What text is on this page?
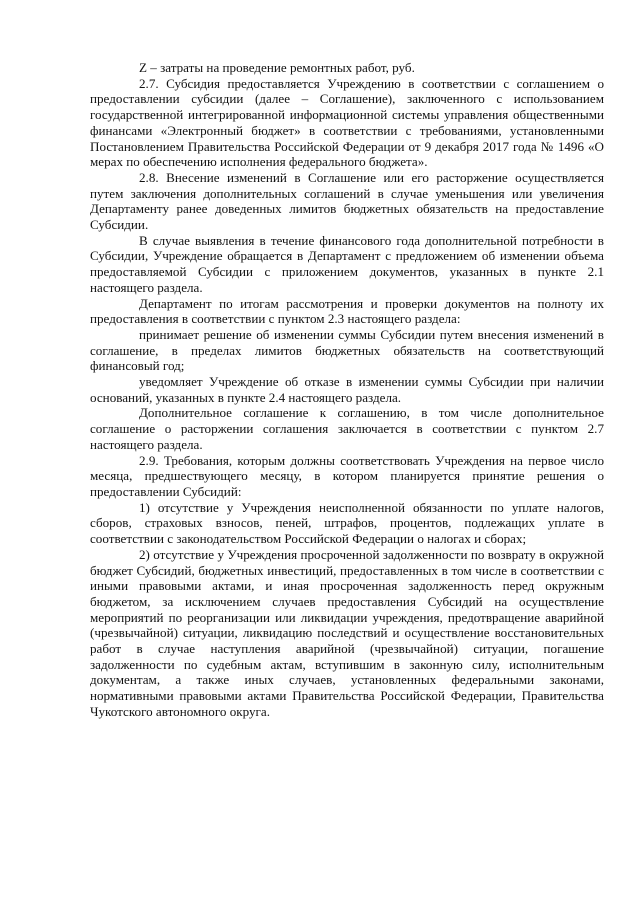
Z – затраты на проведение ремонтных работ, руб.

2.7. Субсидия предоставляется Учреждению в соответствии с соглашением о предоставлении субсидии (далее – Соглашение), заключенного с использованием государственной интегрированной информационной системы управления общественными финансами «Электронный бюджет» в соответствии с требованиями, установленными Постановлением Правительства Российской Федерации от 9 декабря 2017 года № 1496 «О мерах по обеспечению исполнения федерального бюджета».

2.8. Внесение изменений в Соглашение или его расторжение осуществляется путем заключения дополнительных соглашений в случае уменьшения или увеличения Департаменту ранее доведенных лимитов бюджетных обязательств на предоставление Субсидии.

В случае выявления в течение финансового года дополнительной потребности в Субсидии, Учреждение обращается в Департамент с предложением об изменении объема предоставляемой Субсидии с приложением документов, указанных в пункте 2.1 настоящего раздела.

Департамент по итогам рассмотрения и проверки документов на полноту их предоставления в соответствии с пунктом 2.3 настоящего раздела:

принимает решение об изменении суммы Субсидии путем внесения изменений в соглашение, в пределах лимитов бюджетных обязательств на соответствующий финансовый год;

уведомляет Учреждение об отказе в изменении суммы Субсидии при наличии оснований, указанных в пункте 2.4 настоящего раздела.

Дополнительное соглашение к соглашению, в том числе дополнительное соглашение о расторжении соглашения заключается в соответствии с пунктом 2.7 настоящего раздела.

2.9. Требования, которым должны соответствовать Учреждения на первое число месяца, предшествующего месяцу, в котором планируется принятие решения о предоставлении Субсидий:

1) отсутствие у Учреждения неисполненной обязанности по уплате налогов, сборов, страховых взносов, пеней, штрафов, процентов, подлежащих уплате в соответствии с законодательством Российской Федерации о налогах и сборах;

2) отсутствие у Учреждения просроченной задолженности по возврату в окружной бюджет Субсидий, бюджетных инвестиций, предоставленных в том числе в соответствии с иными правовыми актами, и иная просроченная задолженность перед окружным бюджетом, за исключением случаев предоставления Субсидий на осуществление мероприятий по реорганизации или ликвидации учреждения, предотвращение аварийной (чрезвычайной) ситуации, ликвидацию последствий и осуществление восстановительных работ в случае наступления аварийной (чрезвычайной) ситуации, погашение задолженности по судебным актам, вступившим в законную силу, исполнительным документам, а также иных случаев, установленных федеральными законами, нормативными правовыми актами Правительства Российской Федерации, Правительства Чукотского автономного округа.
